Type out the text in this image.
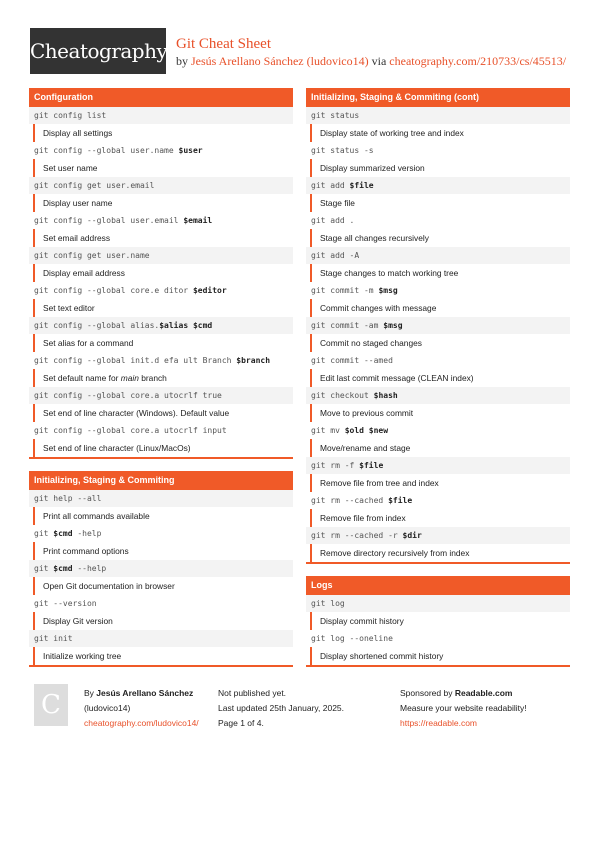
Cheatography Git Cheat Sheet
by Jesús Arellano Sánchez (ludovico14) via cheatography.com/210733/cs/45513/
Configuration
git config list
Display all settings
git config --global user.name $user
Set user name
git config get user.email
Display user name
git config --global user.email $email
Set email address
git config get user.name
Display email address
git config --global core.e ditor $editor
Set text editor
git config --global alias.$alias $cmd
Set alias for a command
git config --global init.d efa ult Branch $branch
Set default name for main branch
git config --global core.a utocrlf true
Set end of line character (Windows). Default value
git config --global core.a utocrlf input
Set end of line character (Linux/MacOs)
Initializing, Staging & Commiting
git help --all
Print all commands available
git $cmd -help
Print command options
git $cmd --help
Open Git documentation in browser
git --version
Display Git version
git init
Initialize working tree
Initializing, Staging & Commiting (cont)
git status
Display state of working tree and index
git status -s
Display summarized version
git add $file
Stage file
git add .
Stage all changes recursively
git add -A
Stage changes to match working tree
git commit -m $msg
Commit changes with message
git commit -am $msg
Commit no staged changes
git commit --amed
Edit last commit message (CLEAN index)
git checkout $hash
Move to previous commit
git mv $old $new
Move/rename and stage
git rm -f $file
Remove file from tree and index
git rm --cached $file
Remove file from index
git rm --cached -r $dir
Remove directory recursively from index
Logs
git log
Display commit history
git log --oneline
Display shortened commit history
C	By Jesús Arellano Sánchez
(ludovico14)
cheatography.com/ludovico14/
Not published yet.
Last updated 25th January, 2025.
Page 1 of 4.
Sponsored by Readable.com
Measure your website readability!
https://readable.com
